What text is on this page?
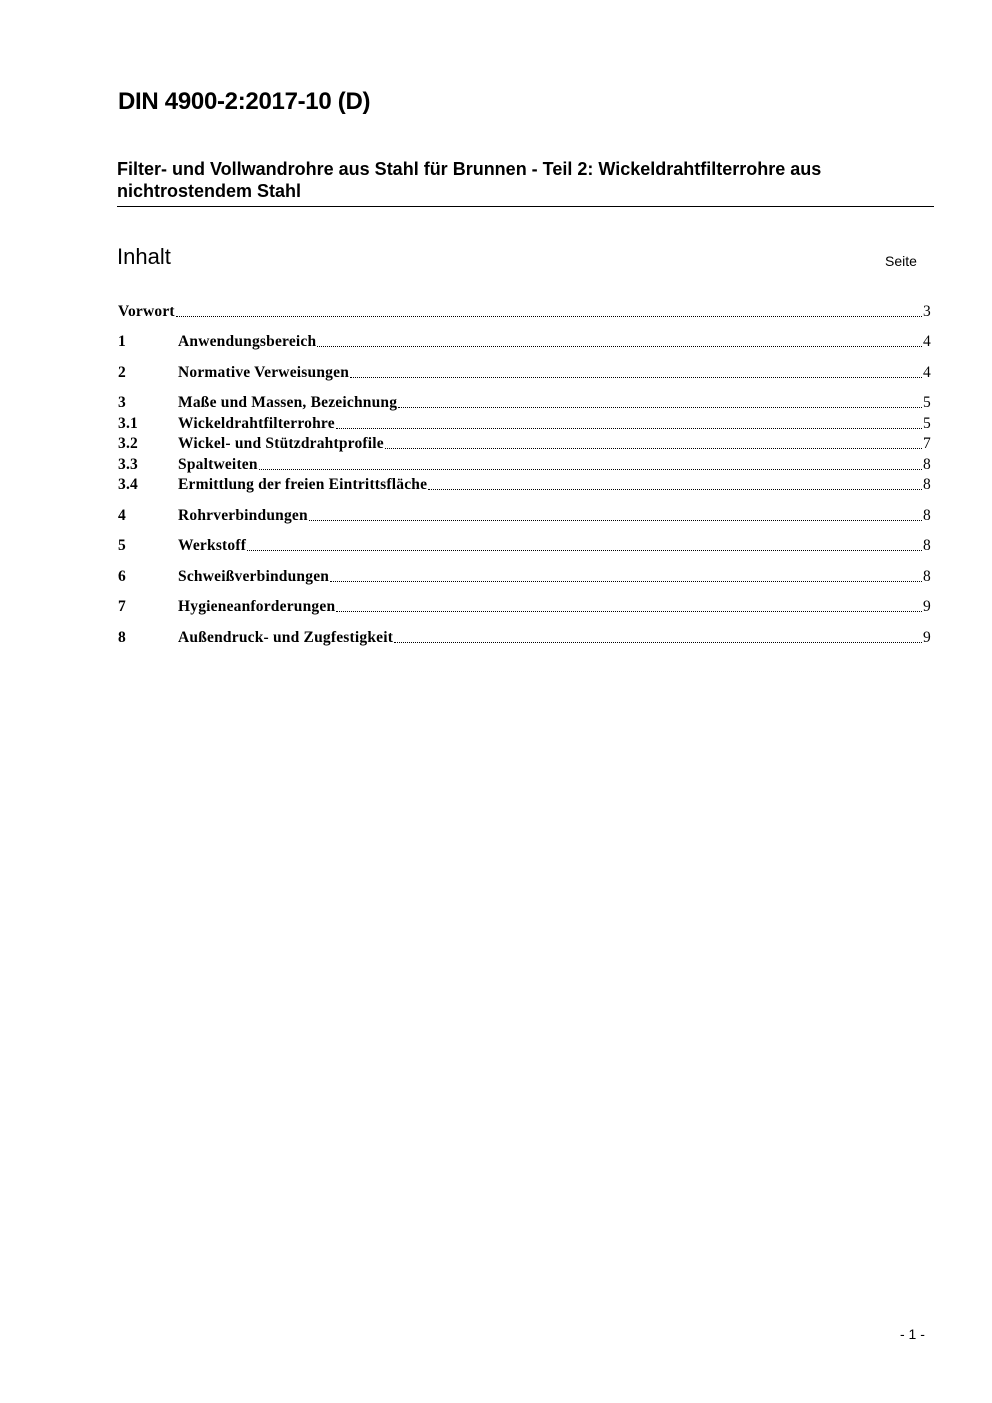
DIN 4900-2:2017-10 (D)
Filter- und Vollwandrohre aus Stahl für Brunnen - Teil 2: Wickeldrahtfilterrohre aus nichtrostendem Stahl
Inhalt	Seite
Vorwort	3
1	Anwendungsbereich	4
2	Normative Verweisungen	4
3	Maße und Massen, Bezeichnung	5
3.1	Wickeldrahtfilterrohre	5
3.2	Wickel- und Stützdrahtprofile	7
3.3	Spaltweiten	8
3.4	Ermittlung der freien Eintrittsfläche	8
4	Rohrverbindungen	8
5	Werkstoff	8
6	Schweißverbindungen	8
7	Hygieneanforderungen	9
8	Außendruck- und Zugfestigkeit	9
- 1 -
